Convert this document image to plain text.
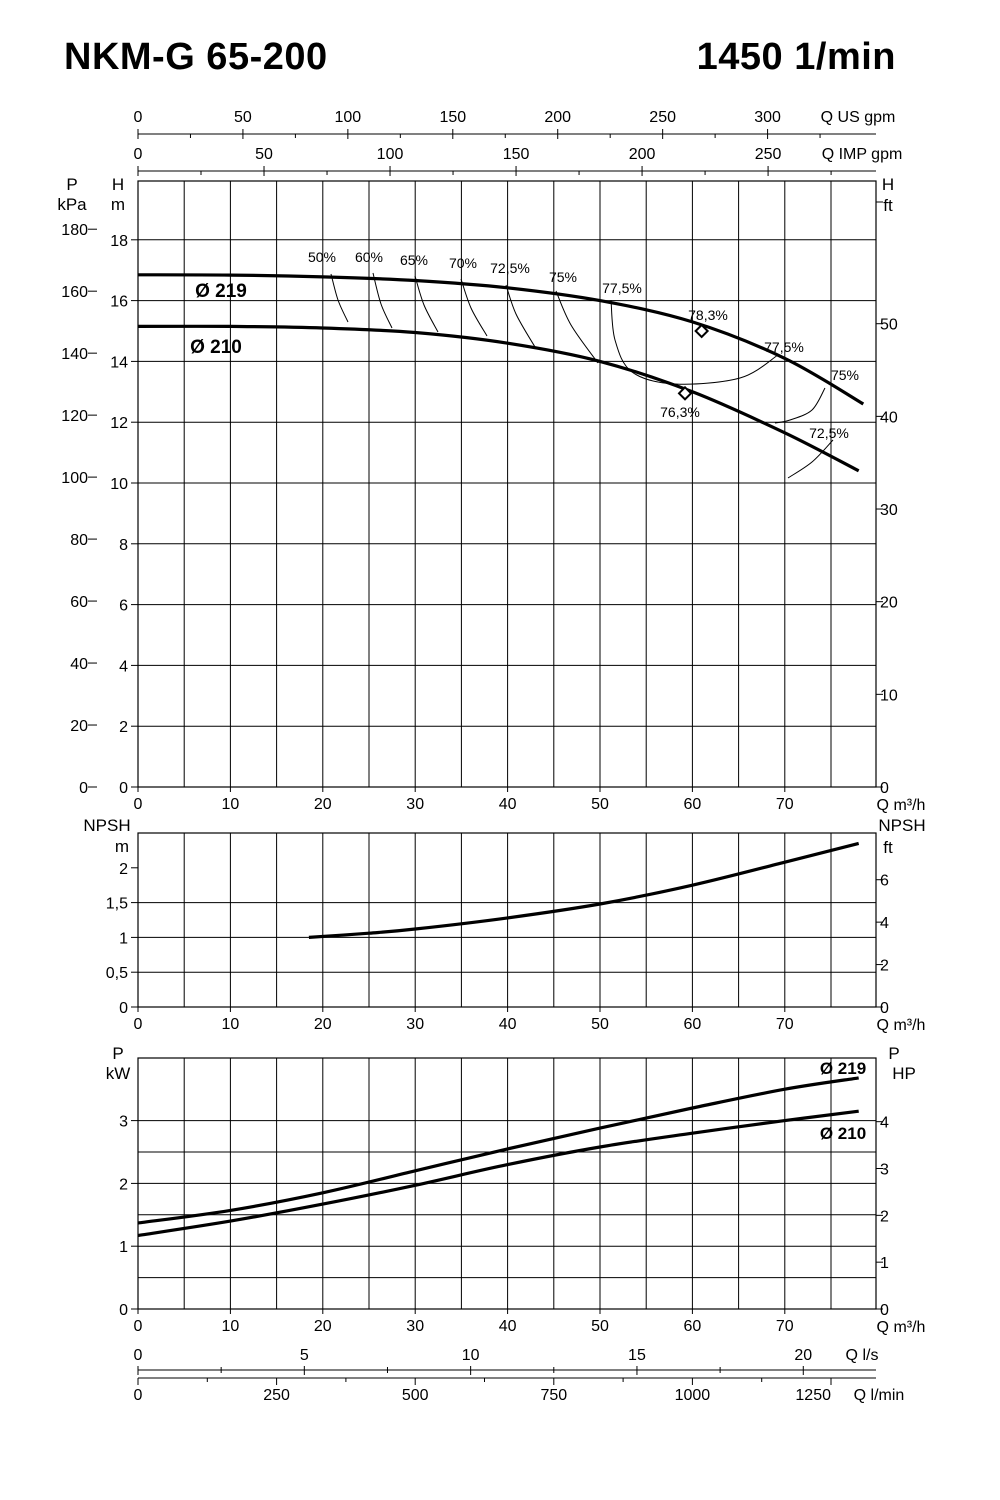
NKM-G 65-200	1450 1/min
0	10	20	30	40	50	60	70	Q m³/h
0
2
4
6
8
10
12
14
16
18
H
m
0
20
40
60
80
100
120
140
160
180
P
kPa
0
10
20
30
40
50
H
ft
50% 60% 65% 70% 72,5%
75%
77,5%
78,3%
77,5%
75%
72,5%
76,3%
Ø 219
Ø 210
0	50	100	150	200	250	300 Q US gpm
0	50	100	150	200	250	Q IMP gpm
0	10	20	30	40	50	60	70	Q m³/h
0
0,5
1
1,5
2
NPSH
m
0
2
4
6
NPSH
ft
0	10	20	30	40	50	60	70	Q m³/h
0
1
2
3
P
kW
0
1
2
3
4
P
HP
Ø 219
Ø 210
0	5	10	15	20 Q l/s
0	250	500	750	1000	1250 Q l/min
